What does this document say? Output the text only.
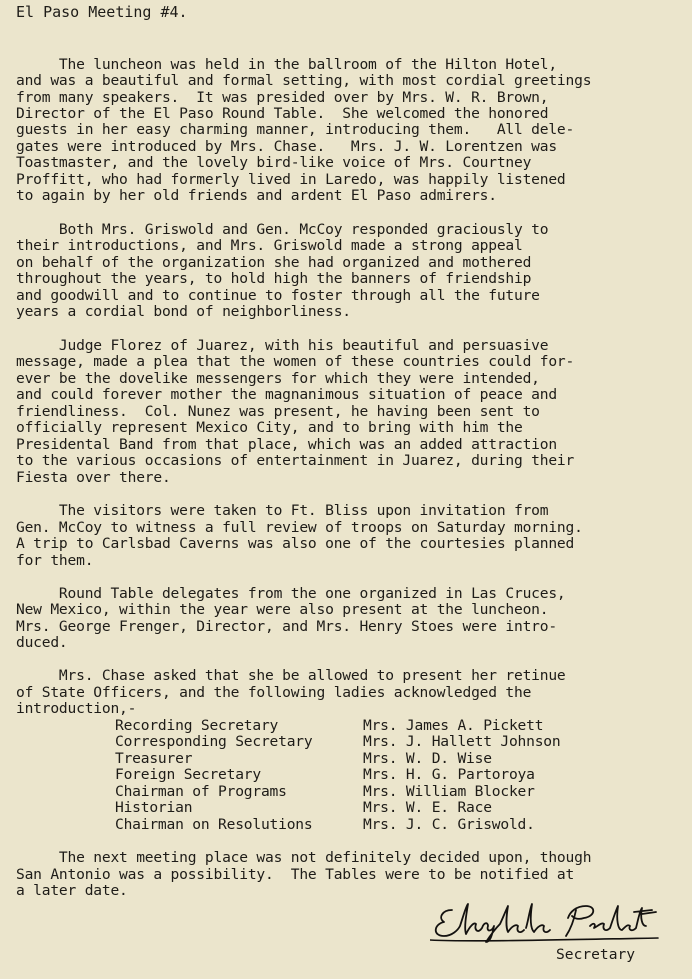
El Paso Meeting #4.
The luncheon was held in the ballroom of the Hilton Hotel,
and was a beautiful and formal setting, with most cordial greetings
from many speakers.  It was presided over by Mrs. W. R. Brown,
Director of the El Paso Round Table.  She welcomed the honored
guests in her easy charming manner, introducing them.   All dele-
gates were introduced by Mrs. Chase.   Mrs. J. W. Lorentzen was
Toastmaster, and the lovely bird-like voice of Mrs. Courtney
Proffitt, who had formerly lived in Laredo, was happily listened
to again by her old friends and ardent El Paso admirers.
Both Mrs. Griswold and Gen. McCoy responded graciously to
their introductions, and Mrs. Griswold made a strong appeal
on behalf of the organization she had organized and mothered
throughout the years, to hold high the banners of friendship
and goodwill and to continue to foster through all the future
years a cordial bond of neighborliness.
Judge Florez of Juarez, with his beautiful and persuasive
message, made a plea that the women of these countries could for-
ever be the dovelike messengers for which they were intended,
and could forever mother the magnanimous situation of peace and
friendliness.  Col. Nunez was present, he having been sent to
officially represent Mexico City, and to bring with him the
Presidental Band from that place, which was an added attraction
to the various occasions of entertainment in Juarez, during their
Fiesta over there.
The visitors were taken to Ft. Bliss upon invitation from
Gen. McCoy to witness a full review of troops on Saturday morning.
A trip to Carlsbad Caverns was also one of the courtesies planned
for them.
Round Table delegates from the one organized in Las Cruces,
New Mexico, within the year were also present at the luncheon.
Mrs. George Frenger, Director, and Mrs. Henry Stoes were intro-
duced.
Mrs. Chase asked that she be allowed to present her retinue
of State Officers, and the following ladies acknowledged the
introduction,-
Recording Secretary	Mrs. James A. Pickett
Corresponding Secretary	Mrs. J. Hallett Johnson
Treasurer	Mrs. W. D. Wise
Foreign Secretary	Mrs. H. G. Partoroya
Chairman of Programs	Mrs. William Blocker
Historian	Mrs. W. E. Race
Chairman on Resolutions	Mrs. J. C. Griswold.
The next meeting place was not definitely decided upon, though
San Antonio was a possibility.  The Tables were to be notified at
a later date.
Secretary
